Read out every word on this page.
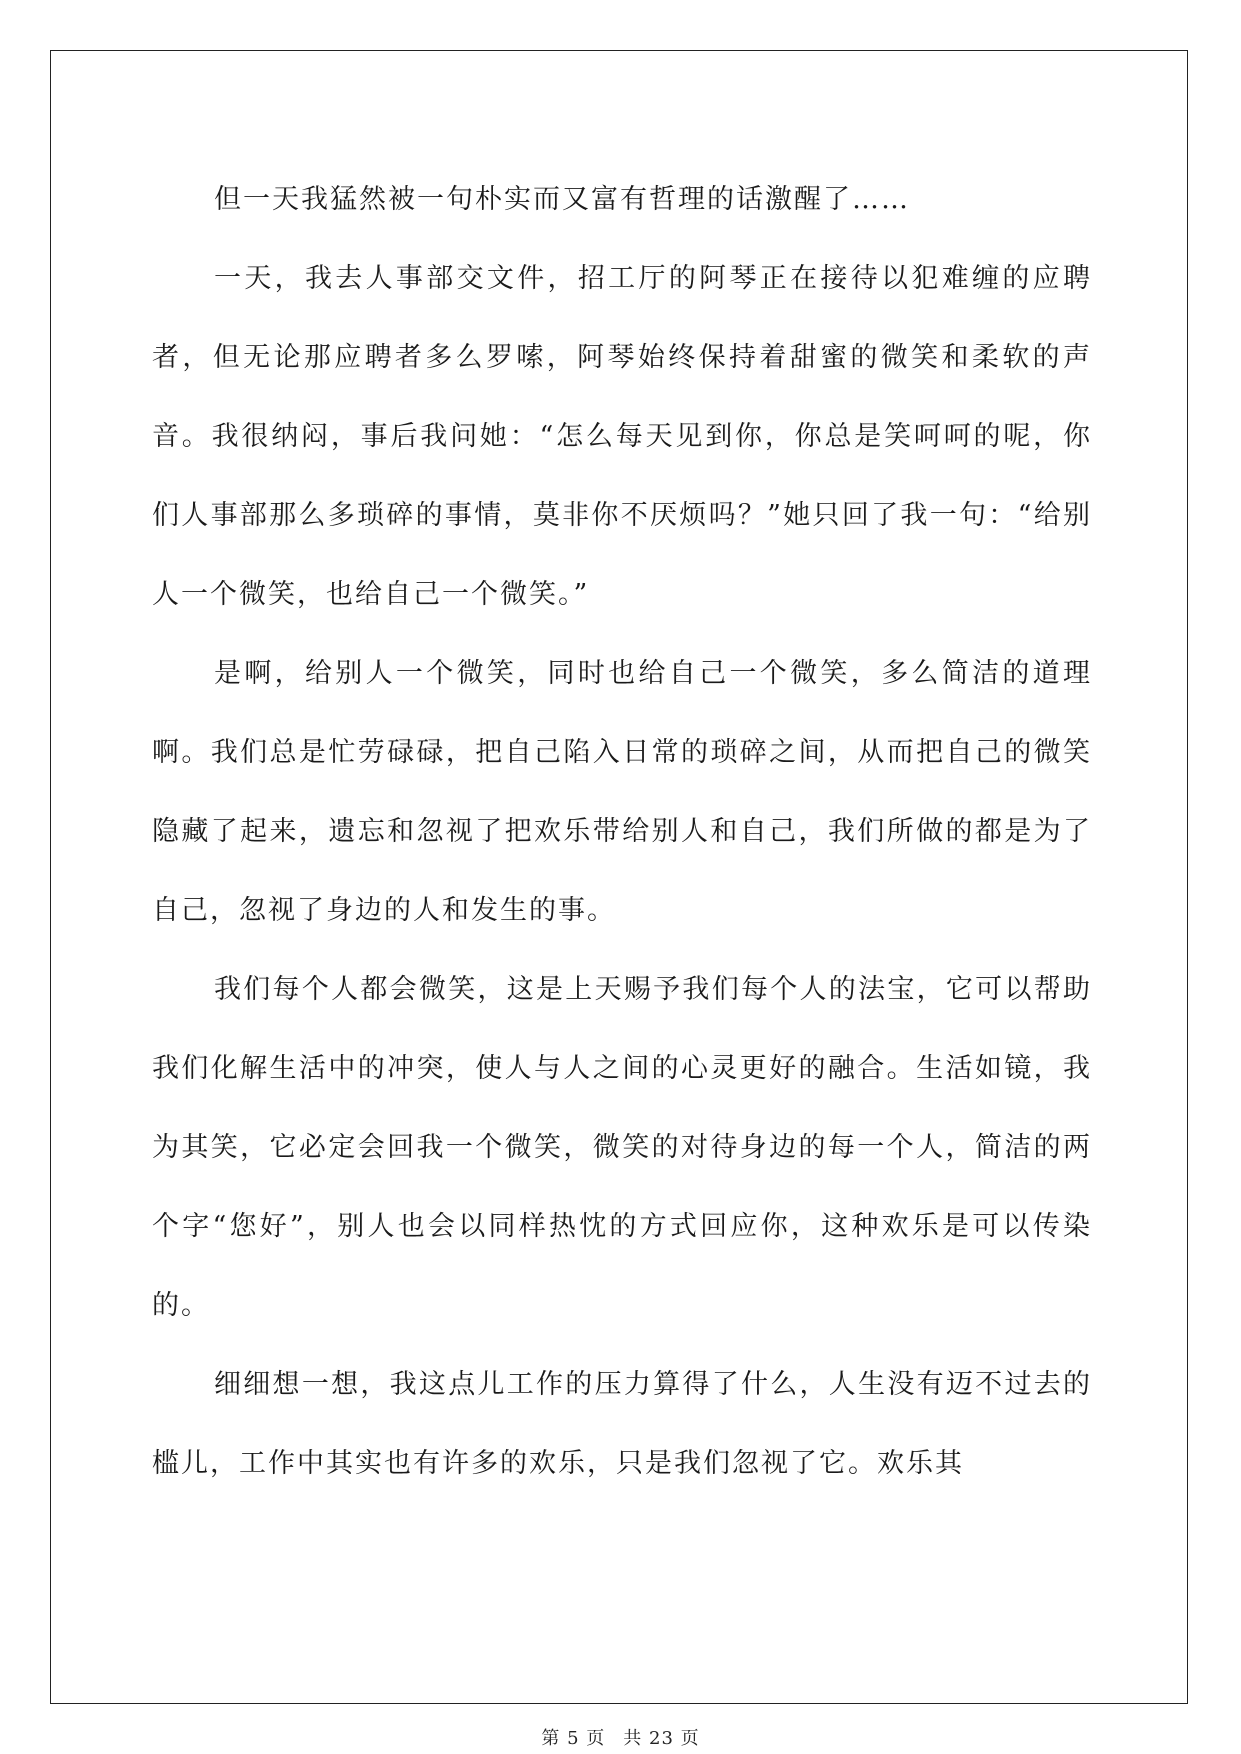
但一天我猛然被一句朴实而又富有哲理的话激醒了……

一天，我去人事部交文件，招工厅的阿琴正在接待以犯难缠的应聘者，但无论那应聘者多么罗嗦，阿琴始终保持着甜蜜的微笑和柔软的声音。我很纳闷，事后我问她：“怎么每天见到你，你总是笑呵呵的呢，你们人事部那么多琐碎的事情，莫非你不厌烦吗？”她只回了我一句：“给别人一个微笑，也给自己一个微笑。”

是啊，给别人一个微笑，同时也给自己一个微笑，多么简洁的道理啊。我们总是忙劳碌碌，把自己陷入日常的琐碎之间，从而把自己的微笑隐藏了起来，遗忘和忽视了把欢乐带给别人和自己，我们所做的都是为了自己，忽视了身边的人和发生的事。

我们每个人都会微笑，这是上天赐予我们每个人的法宝，它可以帮助我们化解生活中的冲突，使人与人之间的心灵更好的融合。生活如镜，我为其笑，它必定会回我一个微笑，微笑的对待身边的每一个人，简洁的两个字“您好”，别人也会以同样热忱的方式回应你，这种欢乐是可以传染的。

细细想一想，我这点儿工作的压力算得了什么，人生没有迈不过去的槛儿，工作中其实也有许多的欢乐，只是我们忽视了它。欢乐其

第 5 页 共 23 页
